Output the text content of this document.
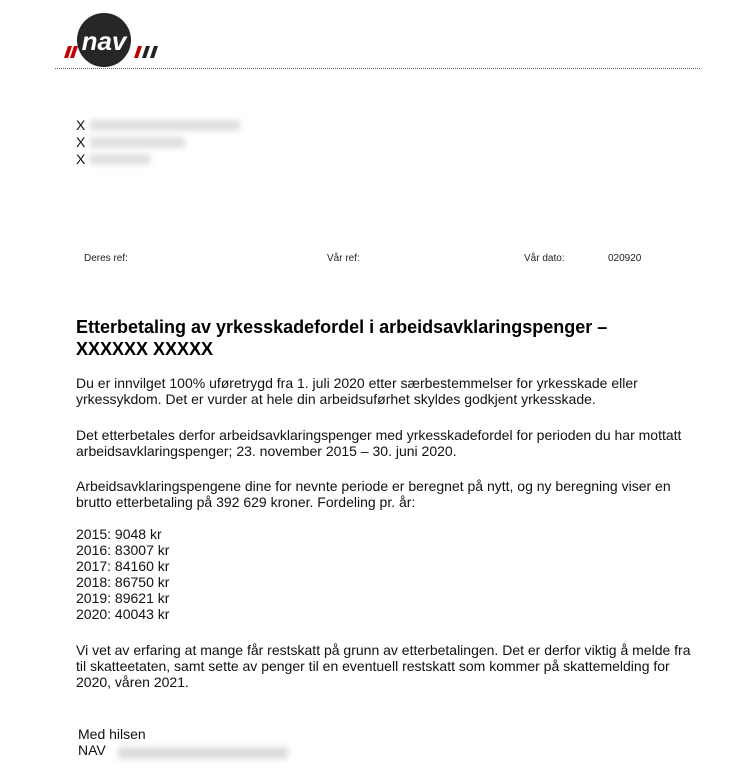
nav
X
X
X
Deres ref:	Vår ref:	Vår dato:	020920
Etterbetaling av yrkesskadefordel i arbeidsavklaringspenger – XXXXXX XXXXX
Du er innvilget 100% uføretrygd fra 1. juli 2020 etter særbestemmelser for yrkesskade eller yrkessykdom. Det er vurder at hele din arbeidsuførhet skyldes godkjent yrkesskade.
Det etterbetales derfor arbeidsavklaringspenger med yrkesskadefordel for perioden du har mottatt arbeidsavklaringspenger; 23. november 2015 – 30. juni 2020.
Arbeidsavklaringspengene dine for nevnte periode er beregnet på nytt, og ny beregning viser en brutto etterbetaling på 392 629 kroner. Fordeling pr. år:
2015: 9048 kr
2016: 83007 kr
2017: 84160 kr
2018: 86750 kr
2019: 89621 kr
2020: 40043 kr
Vi vet av erfaring at mange får restskatt på grunn av etterbetalingen. Det er derfor viktig å melde fra til skatteetaten, samt sette av penger til en eventuell restskatt som kommer på skattemelding for 2020, våren 2021.
Med hilsen
NAV
